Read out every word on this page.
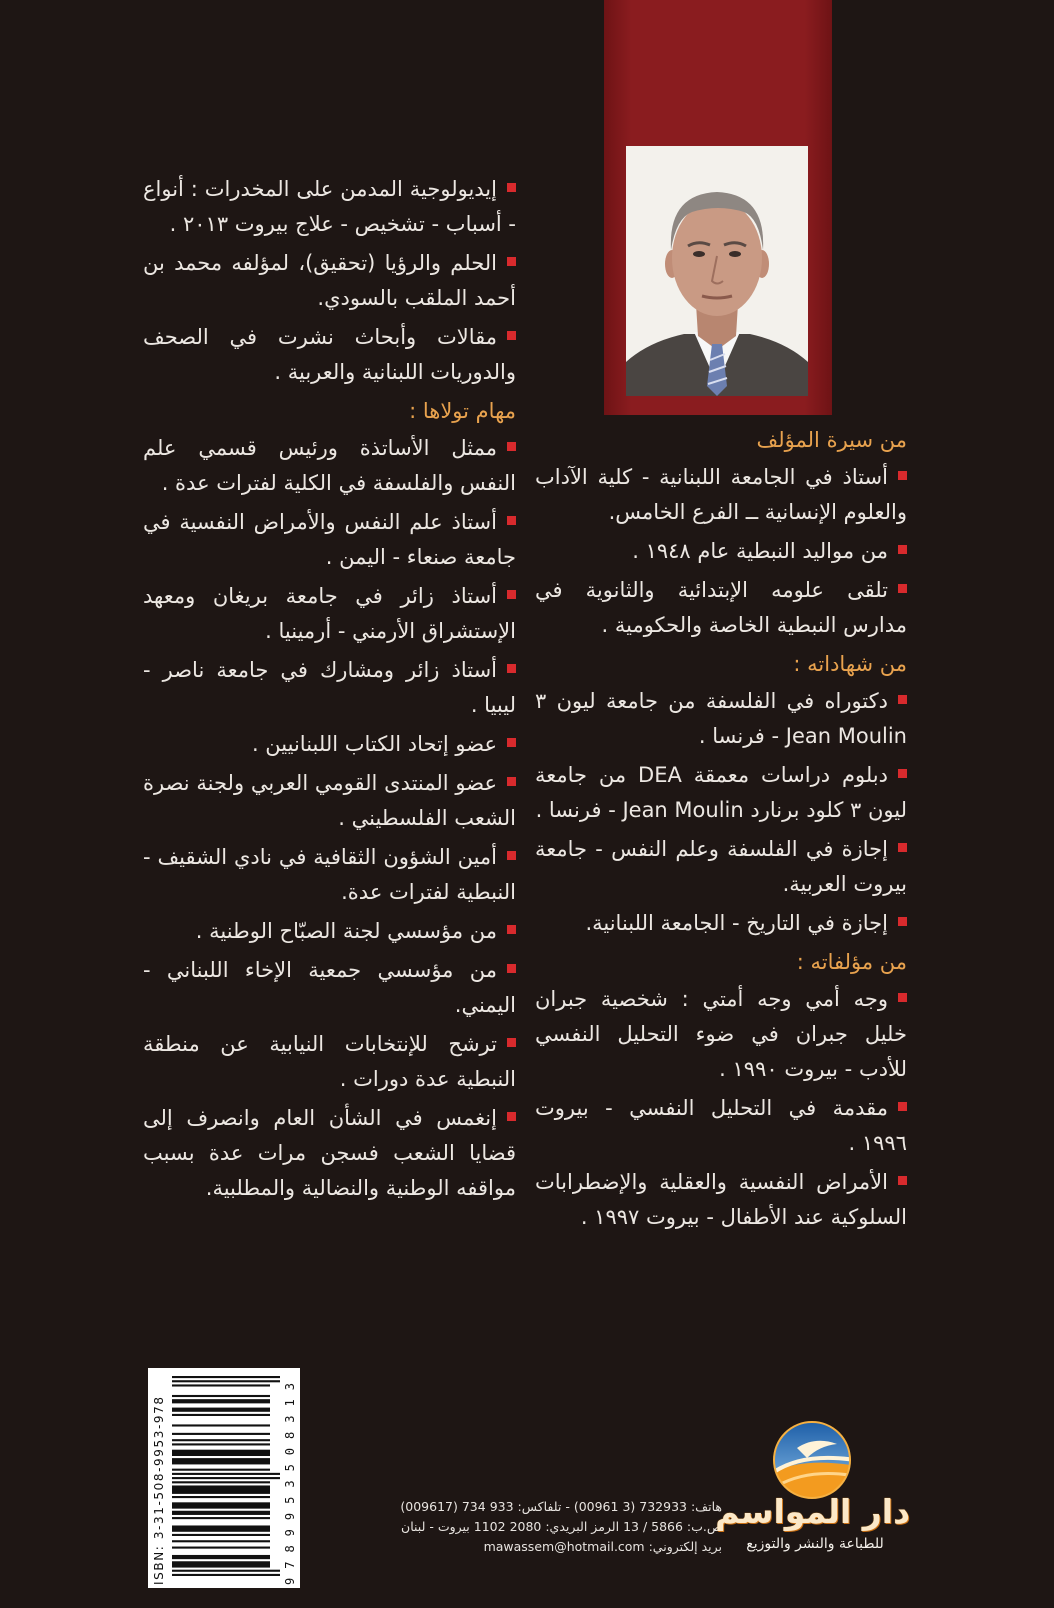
من سيرة المؤلف

أستاذ في الجامعة اللبنانية - كلية الآداب والعلوم الإنسانية ــ الفرع الخامس.

من مواليد النبطية عام ١٩٤٨ .

تلقى علومه الإبتدائية والثانوية في مدارس النبطية الخاصة والحكومية .

من شهاداته :

دكتوراه في الفلسفة من جامعة ليون ٣ Jean Moulin - فرنسا .

دبلوم دراسات معمقة DEA من جامعة ليون ٣ كلود برنارد Jean Moulin - فرنسا .

إجازة في الفلسفة وعلم النفس - جامعة بيروت العربية.

إجازة في التاريخ - الجامعة اللبنانية.

من مؤلفاته :

وجه أمي وجه أمتي : شخصية جبران خليل جبران في ضوء التحليل النفسي للأدب - بيروت ١٩٩٠ .

مقدمة في التحليل النفسي - بيروت ١٩٩٦ .

الأمراض النفسية والعقلية والإضطرابات السلوكية عند الأطفال - بيروت ١٩٩٧ .

إيديولوجية المدمن على المخدرات : أنواع - أسباب - تشخيص - علاج بيروت ٢٠١٣ .

الحلم والرؤيا (تحقيق)، لمؤلفه محمد بن أحمد الملقب بالسودي.

مقالات وأبحاث نشرت في الصحف والدوريات اللبنانية والعربية .

مهام تولاها :

ممثل الأساتذة ورئيس قسمي علم النفس والفلسفة في الكلية لفترات عدة .

أستاذ علم النفس والأمراض النفسية في جامعة صنعاء - اليمن .

أستاذ زائر في جامعة بريغان ومعهد الإستشراق الأرمني - أرمينيا .

أستاذ زائر ومشارك في جامعة ناصر - ليبيا .

عضو إتحاد الكتاب اللبنانيين .

عضو المنتدى القومي العربي ولجنة نصرة الشعب الفلسطيني .

أمين الشؤون الثقافية في نادي الشقيف - النبطية لفترات عدة.

من مؤسسي لجنة الصبّاح الوطنية .

من مؤسسي جمعية الإخاء اللبناني - اليمني.

ترشح للإنتخابات النيابية عن منطقة النبطية عدة دورات .

إنغمس في الشأن العام وانصرف إلى قضايا الشعب فسجن مرات عدة بسبب مواقفه الوطنية والنضالية والمطلبية.

ISBN: 3-31-508-9953-978	9789953508313	هاتف: 732933 (3 00961) - تلفاكس: 933 734 (009617)
ص.ب: 5866 / 13 الرمز البريدي: 2080 1102 بيروت - لبنان
بريد إلكتروني: mawassem@hotmail.com
دار المواسم
للطباعة والنشر والتوزيع
